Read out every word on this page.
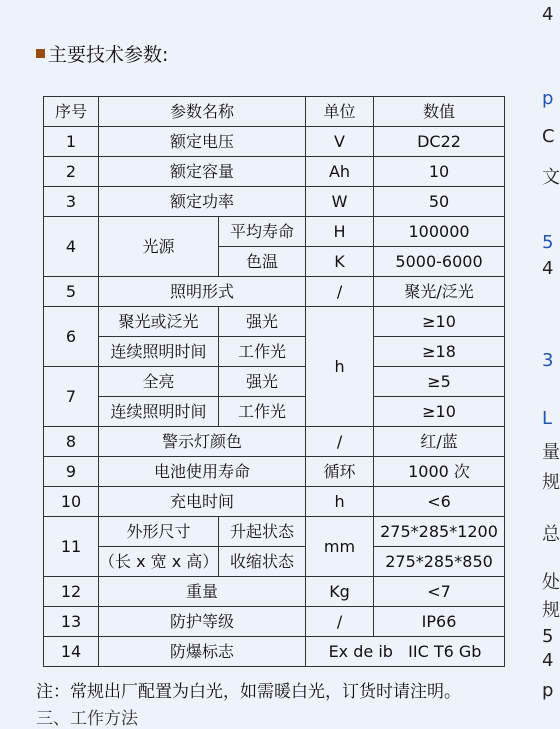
主要技术参数:
序号	参数名称		单位	数值
1	额定电压		V	DC22
2	额定容量		Ah	10
3	额定功率		W	50
4	光源	平均寿命	H	100000
		色温	K	5000-6000
5	照明形式		/	聚光/泛光
6	聚光或泛光	强光	h	≥10
	连续照明时间	工作光		≥18
7	全亮	强光		≥5
	连续照明时间	工作光		≥10
8	警示灯颜色		/	红/蓝
9	电池使用寿命		循环	1000 次
10	充电时间		h	<6
11	外形尺寸	升起状态	mm	275*285*1200
	（长 x 宽 x 高）	收缩状态		275*285*850
12	重量		Kg	<7
13	防护等级		/	IP66
14	防爆标志		Ex de ib   IIC T6 Gb	
注：常规出厂配置为白光，如需暖白光，订货时请注明。
三、工作方法
4
p
C
文
5
4
3
L
量
规
总
处
规
5
4
p
